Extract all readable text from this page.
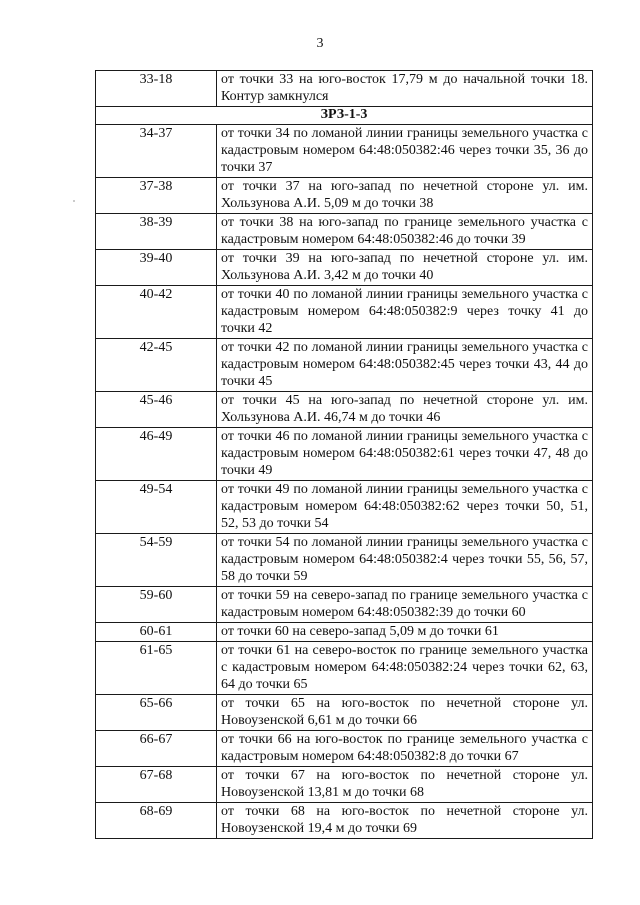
3
33-18	от точки 33 на юго-восток 17,79 м до начальной точки 18. Контур замкнулся
ЗРЗ-1-3	
34-37	от точки 34 по ломаной линии границы земельного участка с кадастровым номером 64:48:050382:46 через точки 35, 36 до точки 37
37-38	от точки 37 на юго-запад по нечетной стороне ул. им. Хользунова А.И. 5,09 м до точки 38
38-39	от точки 38 на юго-запад по границе земельного участка с кадастровым номером 64:48:050382:46 до точки 39
39-40	от точки 39 на юго-запад по нечетной стороне ул. им. Хользунова А.И. 3,42 м до точки 40
40-42	от точки 40 по ломаной линии границы земельного участка с кадастровым номером 64:48:050382:9 через точку 41 до точки 42
42-45	от точки 42 по ломаной линии границы земельного участка с кадастровым номером 64:48:050382:45 через точки 43, 44 до точки 45
45-46	от точки 45 на юго-запад по нечетной стороне ул. им. Хользунова А.И. 46,74 м до точки 46
46-49	от точки 46 по ломаной линии границы земельного участка с кадастровым номером 64:48:050382:61 через точки 47, 48 до точки 49
49-54	от точки 49 по ломаной линии границы земельного участка с кадастровым номером 64:48:050382:62 через точки 50, 51, 52, 53 до точки 54
54-59	от точки 54 по ломаной линии границы земельного участка с кадастровым номером 64:48:050382:4 через точки 55, 56, 57, 58 до точки 59
59-60	от точки 59 на северо-запад по границе земельного участка с кадастровым номером 64:48:050382:39 до точки 60
60-61	от точки 60 на северо-запад 5,09 м до точки 61
61-65	от точки 61 на северо-восток по границе земельного участка с кадастровым номером 64:48:050382:24 через точки 62, 63, 64 до точки 65
65-66	от точки 65 на юго-восток по нечетной стороне ул. Новоузенской 6,61 м до точки 66
66-67	от точки 66 на юго-восток по границе земельного участка с кадастровым номером 64:48:050382:8 до точки 67
67-68	от точки 67 на юго-восток по нечетной стороне ул. Новоузенской 13,81 м до точки 68
68-69	от точки 68 на юго-восток по нечетной стороне ул. Новоузенской 19,4 м до точки 69
